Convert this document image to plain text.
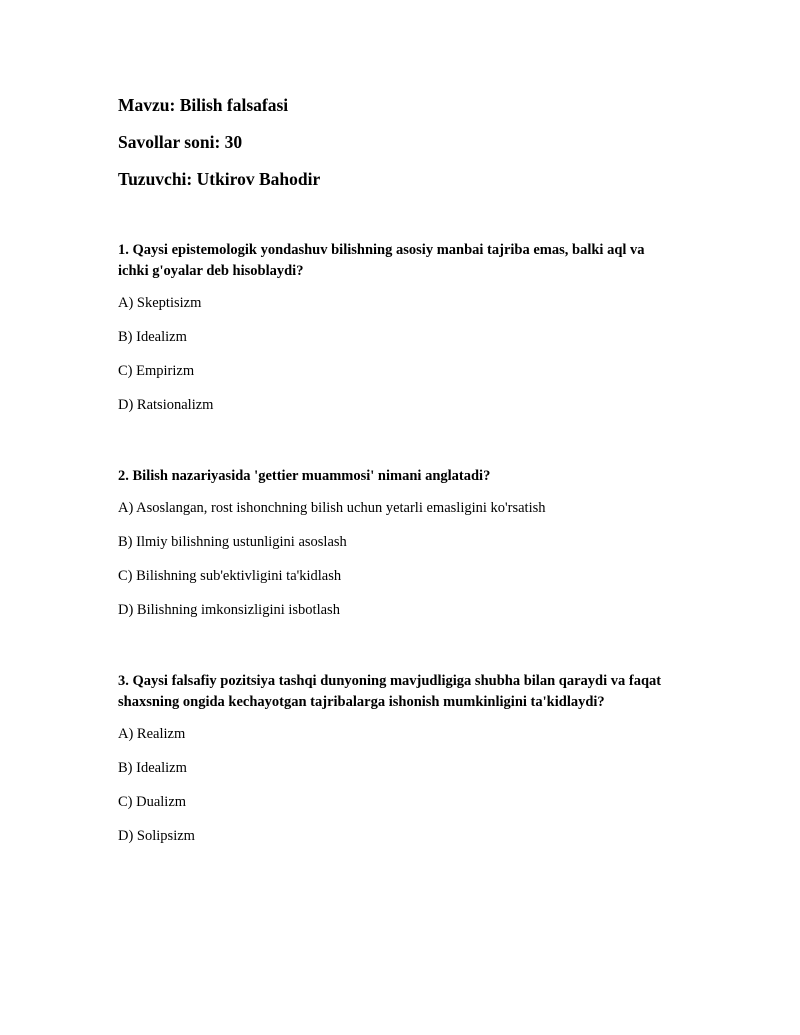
Mavzu: Bilish falsafasi
Savollar soni: 30
Tuzuvchi: Utkirov Bahodir
1. Qaysi epistemologik yondashuv bilishning asosiy manbai tajriba emas, balki aql va ichki g'oyalar deb hisoblaydi?
A) Skeptisizm
B) Idealizm
C) Empirizm
D) Ratsionalizm
2. Bilish nazariyasida 'gettier muammosi' nimani anglatadi?
A) Asoslangan, rost ishonchning bilish uchun yetarli emasligini ko'rsatish
B) Ilmiy bilishning ustunligini asoslash
C) Bilishning sub'ektivligini ta'kidlash
D) Bilishning imkonsizligini isbotlash
3. Qaysi falsafiy pozitsiya tashqi dunyoning mavjudligiga shubha bilan qaraydi va faqat shaxsning ongida kechayotgan tajribalarga ishonish mumkinligini ta'kidlaydi?
A) Realizm
B) Idealizm
C) Dualizm
D) Solipsizm
